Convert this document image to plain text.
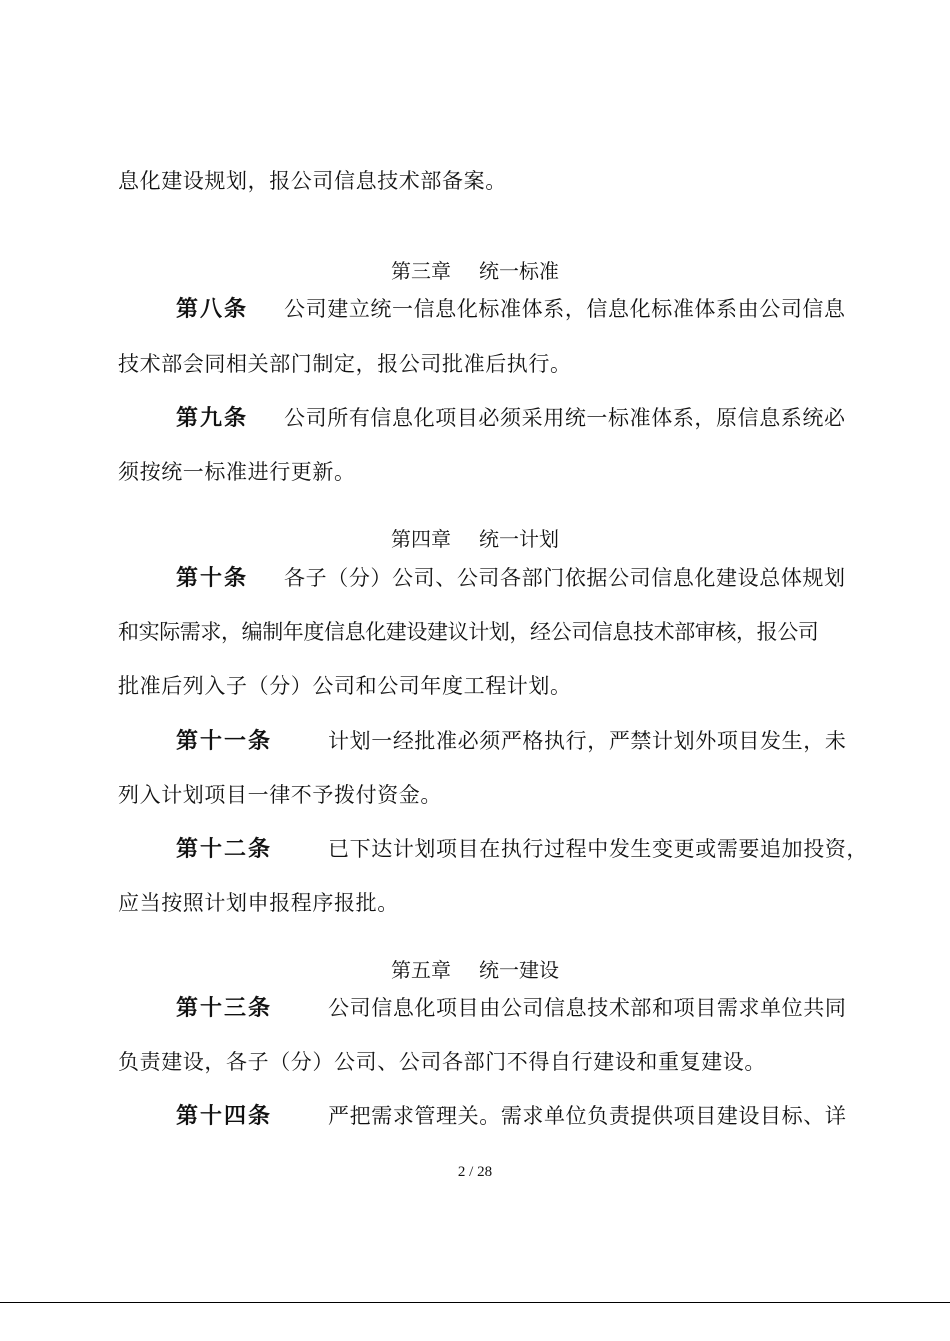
息化建设规划，报公司信息技术部备案。
第三章 统一标准
第八条 公司建立统一信息化标准体系，信息化标准体系由公司信息
技术部会同相关部门制定，报公司批准后执行。
第九条 公司所有信息化项目必须采用统一标准体系，原信息系统必
须按统一标准进行更新。
第四章 统一计划
第十条 各子（分）公司、公司各部门依据公司信息化建设总体规划
和实际需求，编制年度信息化建设建议计划，经公司信息技术部审核，报公司
批准后列入子（分）公司和公司年度工程计划。
第十一条	计划一经批准必须严格执行，严禁计划外项目发生，未
列入计划项目一律不予拨付资金。
第十二条	已下达计划项目在执行过程中发生变更或需要追加投资，
应当按照计划申报程序报批。
第五章 统一建设
第十三条	公司信息化项目由公司信息技术部和项目需求单位共同
负责建设，各子（分）公司、公司各部门不得自行建设和重复建设。
第十四条	严把需求管理关。需求单位负责提供项目建设目标、详
2 / 28
